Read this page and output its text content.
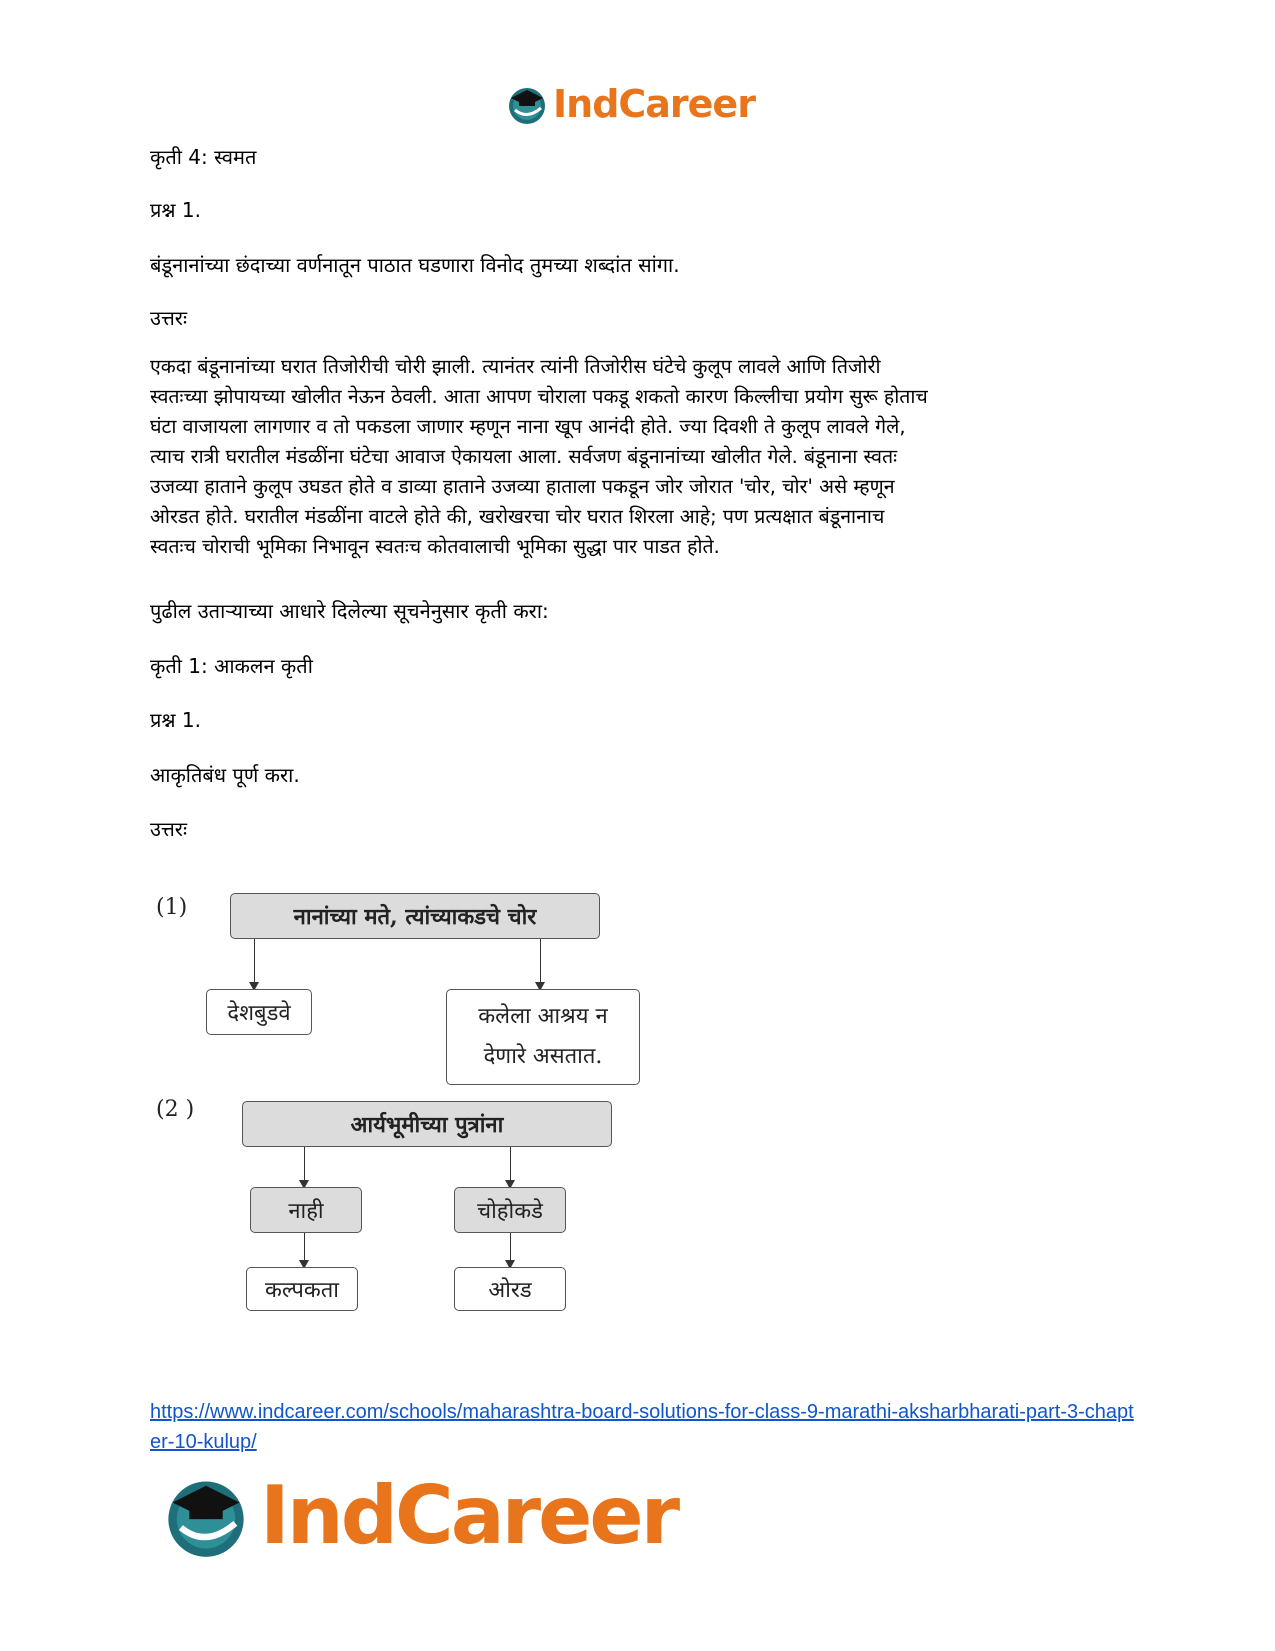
IndCareer
कृती 4: स्वमत
प्रश्न 1.
बंडूनानांच्या छंदाच्या वर्णनातून पाठात घडणारा विनोद तुमच्या शब्दांत सांगा.
उत्तरः
एकदा बंडूनानांच्या घरात तिजोरीची चोरी झाली. त्यानंतर त्यांनी तिजोरीस घंटेचे कुलूप लावले आणि तिजोरी
स्वतःच्या झोपायच्या खोलीत नेऊन ठेवली. आता आपण चोराला पकडू शकतो कारण किल्लीचा प्रयोग सुरू होताच
घंटा वाजायला लागणार व तो पकडला जाणार म्हणून नाना खूप आनंदी होते. ज्या दिवशी ते कुलूप लावले गेले,
त्याच रात्री घरातील मंडळींना घंटेचा आवाज ऐकायला आला. सर्वजण बंडूनानांच्या खोलीत गेले. बंडूनाना स्वतः
उजव्या हाताने कुलूप उघडत होते व डाव्या हाताने उजव्या हाताला पकडून जोर जोरात 'चोर, चोर' असे म्हणून
ओरडत होते. घरातील मंडळींना वाटले होते की, खरोखरचा चोर घरात शिरला आहे; पण प्रत्यक्षात बंडूनानाच
स्वतःच चोराची भूमिका निभावून स्वतःच कोतवालाची भूमिका सुद्धा पार पाडत होते.
पुढील उताऱ्याच्या आधारे दिलेल्या सूचनेनुसार कृती करा:
कृती 1: आकलन कृती
प्रश्न 1.
आकृतिबंध पूर्ण करा.
उत्तरः
(1)	नानांच्या मते, त्यांच्याकडचे चोर
देशबुडवे	कलेला आश्रय न
देणारे असतात.
(2 )
आर्यभूमीच्या पुत्रांना
नाही	चोहोकडे
कल्पकता	ओरड
https://www.indcareer.com/schools/maharashtra-board-solutions-for-class-9-marathi-aksharbharati-part-3-chapter-10-kulup/
IndCareer
